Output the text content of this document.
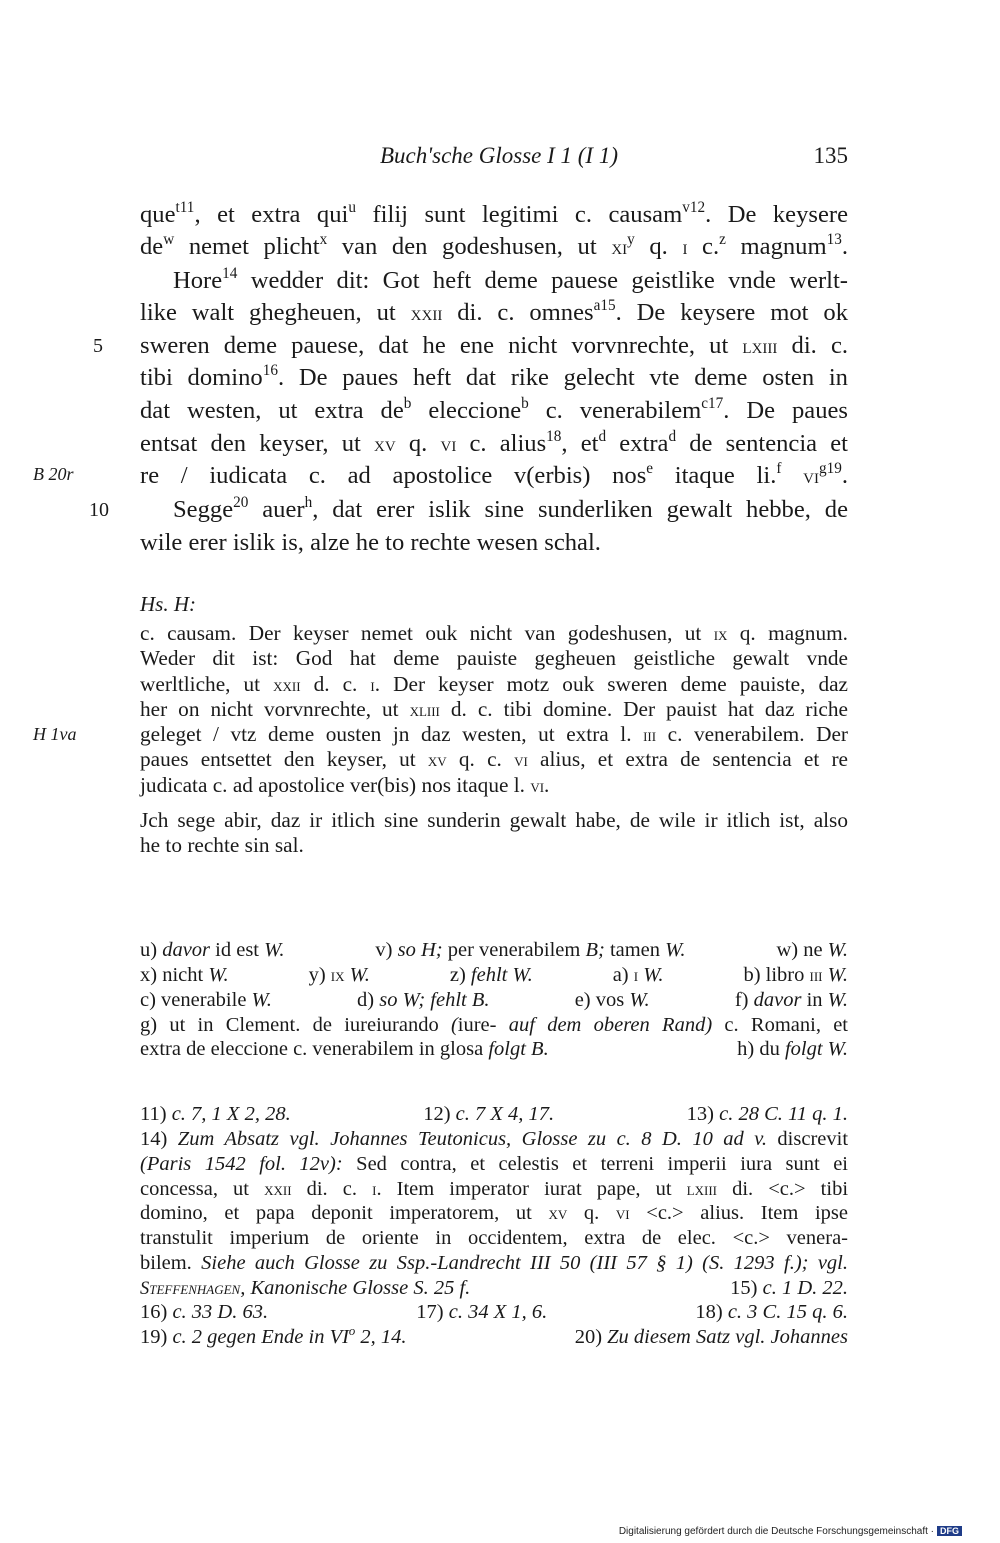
Buch'sche Glosse I 1 (I 1)	135
que$^{t11}$, et extra qui$^u$ filij sunt legitimi c. causam$^{v12}$. De keysere
$de^w$ nemet plicht$^x$ van den godeshusen, ut $xi^y$ q. i c.$^z$ magnum$^{13}$.
Hore$^{14}$ wedder dit: Got heft deme pauese geistlike vnde werlt-
like walt ghegheuen, ut xxii di. c. omnes$^{a15}$. De keysere mot ok
sweren deme pauese, dat he ene nicht vorvnrechte, ut lxiii di. c.
tibi domino$^{16}$. De paues heft dat rike gelecht vte deme osten in
dat westen, ut extra $de^b$ eleccione$^b$ c. venerabilem$^{c17}$. De paues
entsat den keyser, ut xv q. vi c. alius$^{18}$, $et^d$ extra$^d$ de sentencia et
re / iudicata c. ad apostolice v(erbis) nos$^e$ itaque li.$^f$ $vi^{g19}$.
Segge$^{20}$ auer$^h$, dat erer islik sine sunderliken gewalt hebbe, de
wile erer islik is, alze he to rechte wesen schal.
5
B 20r
10
H 1va
Hs. H:
c. causam. Der keyser nemet ouk nicht van godeshusen, ut ix q. magnum.
Weder dit ist: God hat deme pauiste gegheuen geistliche gewalt vnde
werltliche, ut xxii d. c. i. Der keyser motz ouk sweren deme pauiste, daz
her on nicht vorvnrechte, ut xliii d. c. tibi domine. Der pauist hat daz riche
geleget / vtz deme ousten jn daz westen, ut extra l. iii c. venerabilem. Der
paues entsettet den keyser, ut xv q. c. vi alius, et extra de sentencia et re
judicata c. ad apostolice ver(bis) nos itaque l. vi.
Jch sege abir, daz ir itlich sine sunderin gewalt habe, de wile ir itlich ist, also
he to rechte sin sal.
u) davor id est W.	v) so H; per venerabilem B; tamen W.	w) ne W.
x) nicht W.	y) ix W.	z) fehlt W.	a) i W.	b) libro iii W.
c) venerabile W.	d) so W; fehlt B.	e) vos W.	f) davor in W.
g) ut in Clement. de iureiurando (iure- auf dem oberen Rand) c. Romani, et
extra de eleccione c. venerabilem in glosa folgt B.	h) du folgt W.
11) c. 7, 1 X 2, 28.	12) c. 7 X 4, 17.	13) c. 28 C. 11 q. 1.
14) Zum Absatz vgl. Johannes Teutonicus, Glosse zu c. 8 D. 10 ad v. discrevit
(Paris 1542 fol. 12v): Sed contra, et celestis et terreni imperii iura sunt ei
concessa, ut xxii di. c. i. Item imperator iurat pape, ut lxiii di. <c.> tibi
domino, et papa deponit imperatorem, ut xv q. vi <c.> alius. Item ipse
transtulit imperium de oriente in occidentem, extra de elec. <c.> venera-
bilem. Siehe auch Glosse zu Ssp.-Landrecht III 50 (III 57 § 1) (S. 1293 f.); vgl.
Steffenhagen, Kanonische Glosse S. 25 f.	15) c. 1 D. 22.
16) c. 33 D. 63.	17) c. 34 X 1, 6.	18) c. 3 C. 15 q. 6.
19) c. 2 gegen Ende in $VI^o$ 2, 14.	20) Zu diesem Satz vgl. Johannes
Digitalisierung gefördert durch die Deutsche Forschungsgemeinschaft · DFG
